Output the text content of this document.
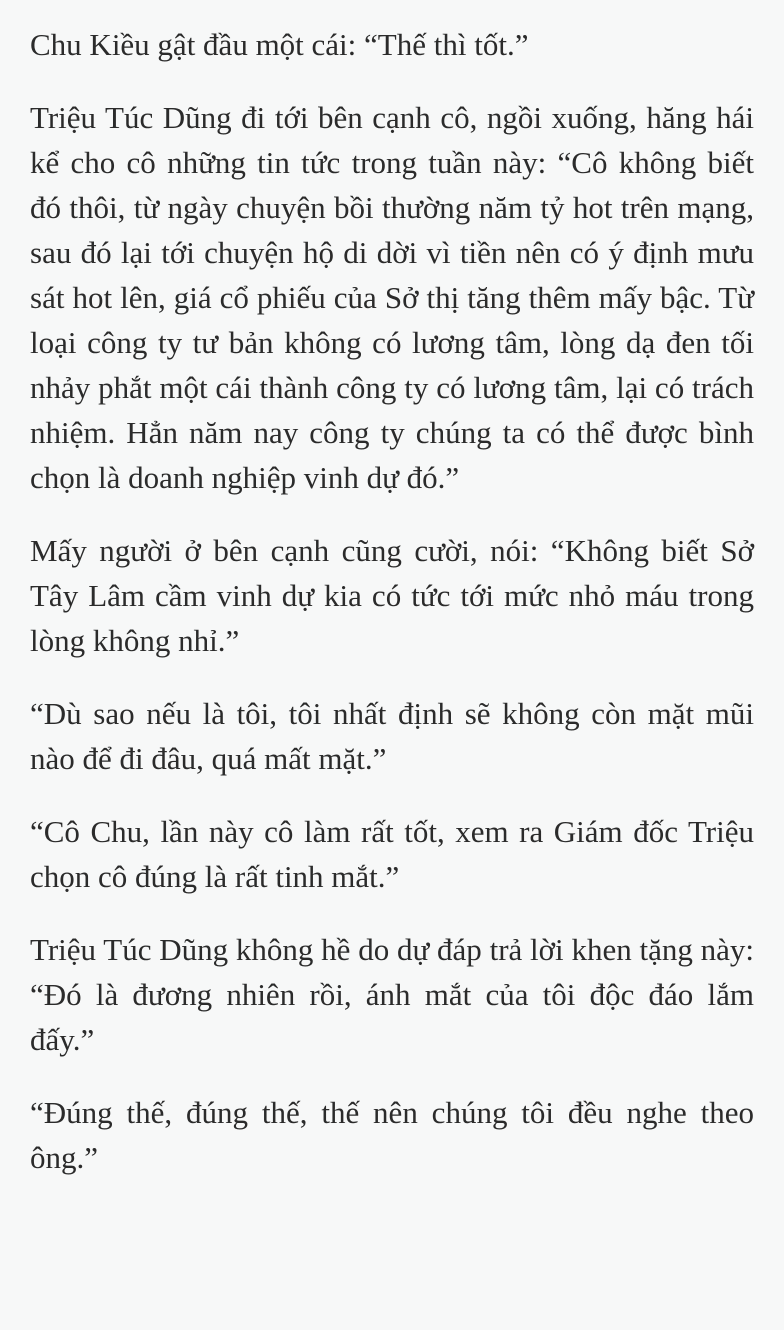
Chu Kiều gật đầu một cái: “Thế thì tốt.”

Triệu Túc Dũng đi tới bên cạnh cô, ngồi xuống, hăng hái kể cho cô những tin tức trong tuần này: “Cô không biết đó thôi, từ ngày chuyện bồi thường năm tỷ hot trên mạng, sau đó lại tới chuyện hộ di dời vì tiền nên có ý định mưu sát hot lên, giá cổ phiếu của Sở thị tăng thêm mấy bậc. Từ loại công ty tư bản không có lương tâm, lòng dạ đen tối nhảy phắt một cái thành công ty có lương tâm, lại có trách nhiệm. Hẳn năm nay công ty chúng ta có thể được bình chọn là doanh nghiệp vinh dự đó.”

Mấy người ở bên cạnh cũng cười, nói: “Không biết Sở Tây Lâm cầm vinh dự kia có tức tới mức nhỏ máu trong lòng không nhỉ.”

“Dù sao nếu là tôi, tôi nhất định sẽ không còn mặt mũi nào để đi đâu, quá mất mặt.”

“Cô Chu, lần này cô làm rất tốt, xem ra Giám đốc Triệu chọn cô đúng là rất tinh mắt.”

Triệu Túc Dũng không hề do dự đáp trả lời khen tặng này: “Đó là đương nhiên rồi, ánh mắt của tôi độc đáo lắm đấy.”

“Đúng thế, đúng thế, thế nên chúng tôi đều nghe theo ông.”
